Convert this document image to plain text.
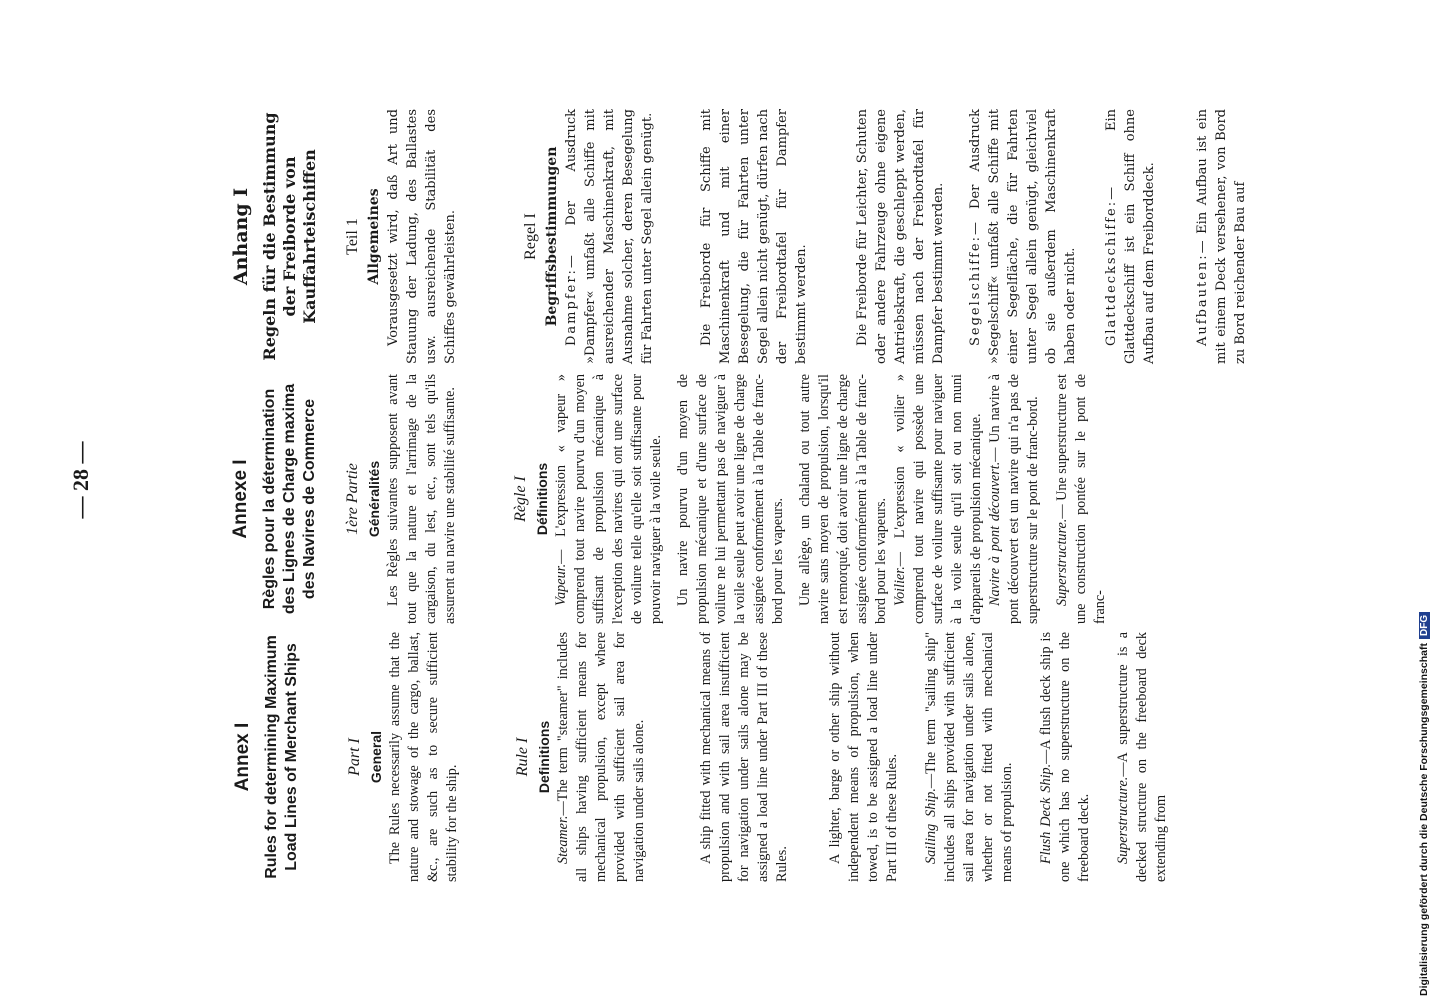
— 28 —
Annex I Rules for determining Maximum Load Lines of Merchant Ships	Part I General The Rules necessarily assume that the nature and stowage of the cargo, ballast, &c., are such as to secure sufficient stability for the ship.

Rule I Definitions

Steamer.—The term "steamer" includes all ships having sufficient means for mechanical propulsion, except where provided with sufficient sail area for navigation under sails alone.	A ship fitted with mechanical means of propulsion and with sail area insufficient for navigation under sails alone may be assigned a load line under Part III of these Rules.

A lighter, barge or other ship without independent means of propulsion, when towed, is to be assigned a load line under Part III of these Rules. Sailing Ship.—The term "sailing ship" includes all ships provided with sufficient sail area for navigation under sails alone, whether or not fitted with mechanical means of propulsion. Flush Deck Ship.—A flush deck ship is one which has no superstructure on the freeboard deck. Superstructure.—A superstructure is a decked structure on the freeboard deck extending from

Annexe I Règles pour la détermination des Lignes de Charge maxima des Navires de Commerce	1ère Partie Généralités Les Règles suivantes supposent avant tout que la nature et l'arrimage de la cargaison, du lest, etc., sont tels qu'ils assurent au navire une stabilité suffisante.	Règle I Définitions

Vapeur.— L'expression « vapeur » comprend tout navire pourvu d'un moyen suffisant de propulsion mécanique à l'exception des navires qui ont une surface de voilure telle qu'elle soit suffisante pour pouvoir naviguer à la voile seule. Un navire pourvu d'un moyen de propulsion mécanique et d'une surface de voilure ne lui permettant pas de naviguer à la voile seule peut avoir une ligne de charge assignée conformément à la Table de franc-bord pour les vapeurs. Une allège, un chaland ou tout autre navire sans moyen de propulsion, lorsqu'il est remorqué, doit avoir une ligne de charge assignée conformément à la Table de franc-bord pour les vapeurs. Voilier.— L'expression « voilier » comprend tout navire qui possède une surface de voilure suffisante pour naviguer à la voile seule qu'il soit ou non muni d'appareils de propulsion mécanique. Navire à pont découvert.— Un navire à pont découvert est un navire qui n'a pas de superstructure sur le pont de franc-bord. Superstructure.— Une superstructure est une construction pontée sur le pont de franc-

Anhang I Regeln für die Bestimmung der Freiborde von Kauffahrteischiffen	Teil 1 Allgemeines Vorausgesetzt wird, daß Art und Stauung der Ladung, des Ballastes usw. ausreichende Stabilität des Schiffes gewährleisten.	Regel I Begriffsbestimmungen Dampfer:— Der Ausdruck »Dampfer« umfaßt alle Schiffe mit ausreichender Maschinenkraft, mit Ausnahme solcher, deren Besegelung für Fahrten unter Segel allein genügt.	Die Freiborde für Schiffe mit Maschinenkraft und mit einer Besegelung, die für Fahrten unter Segel allein nicht genügt, dürfen nach der Freibordtafel für Dampfer bestimmt werden.	Die Freiborde für Leichter, Schuten oder andere Fahrzeuge ohne eigene Antriebskraft, die geschleppt werden, müssen nach der Freibordtafel für Dampfer bestimmt werden. Segelschiffe:— Der Ausdruck »Segelschiff« umfaßt alle Schiffe mit einer Segelfläche, die für Fahrten unter Segel allein genügt, gleichviel ob sie außerdem Maschinenkraft haben oder nicht. Glattdeckschiffe:— Ein Glattdeckschiff ist ein Schiff ohne Aufbau auf dem Freiborddeck.	Aufbauten:— Ein Aufbau ist ein mit einem Deck versehener, von Bord zu Bord reichender Bau auf

Digitalisierung gefördert durch die Deutsche ForschungsgemeinschaftDFG
